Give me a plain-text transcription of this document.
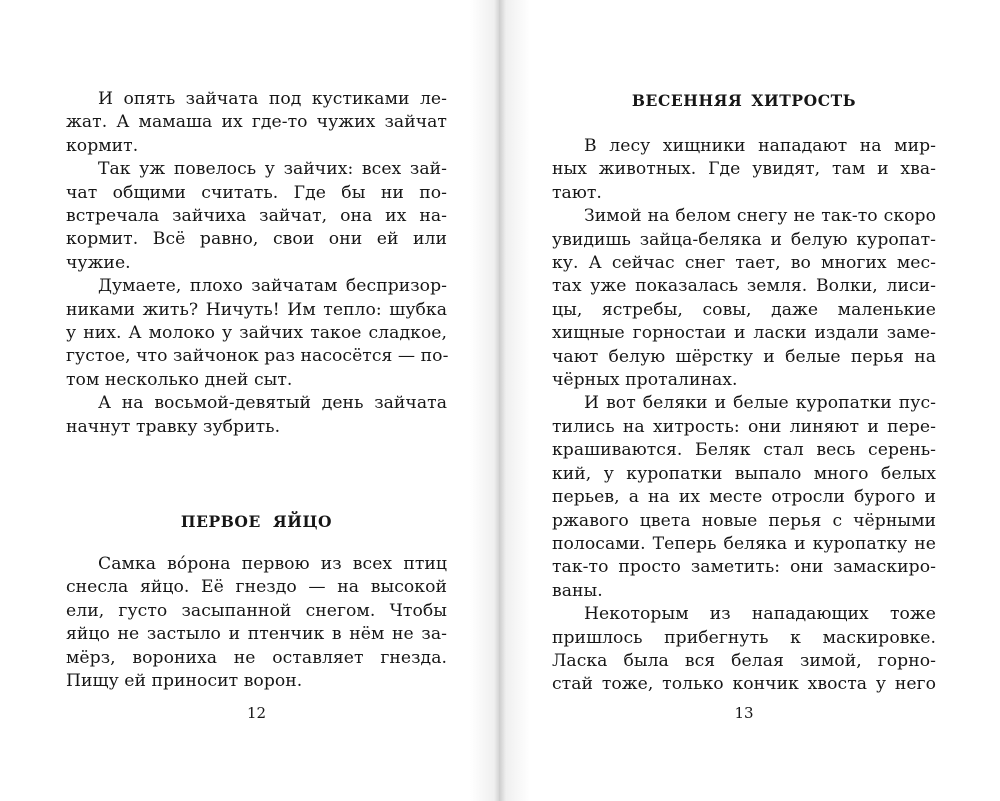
И опять зайчата под кустиками ле-
жат. А мамаша их где-то чужих зайчат
кормит.
Так уж повелось у зайчих: всех зай-
чат общими считать. Где бы ни по-
встречала зайчиха зайчат, она их на-
кормит. Всё равно, свои они ей или
чужие.
Думаете, плохо зайчатам беспризор-
никами жить? Ничуть! Им тепло: шубка
у них. А молоко у зайчих такое сладкое,
густое, что зайчонок раз насосётся — по-
том несколько дней сыт.
А на восьмой-девятый день зайчата
начнут травку зубрить.
ПЕРВОЕ ЯЙЦО
Самка во́рона первою из всех птиц
снесла яйцо. Её гнездо — на высокой
ели, густо засыпанной снегом. Чтобы
яйцо не застыло и птенчик в нём не за-
мёрз, ворониха не оставляет гнезда.
Пищу ей приносит ворон.
12
ВЕСЕННЯЯ ХИТРОСТЬ
В лесу хищники нападают на мир-
ных животных. Где увидят, там и хва-
тают.
Зимой на белом снегу не так-то скоро
увидишь зайца-беляка и белую куропат-
ку. А сейчас снег тает, во многих мес-
тах уже показалась земля. Волки, лиси-
цы, ястребы, совы, даже маленькие
хищные горностаи и ласки издали заме-
чают белую шёрстку и белые перья на
чёрных проталинах.
И вот беляки и белые куропатки пус-
тились на хитрость: они линяют и пере-
крашиваются. Беляк стал весь серень-
кий, у куропатки выпало много белых
перьев, а на их месте отросли бурого и
ржавого цвета новые перья с чёрными
полосами. Теперь беляка и куропатку не
так-то просто заметить: они замаскиро-
ваны.
Некоторым из нападающих тоже
пришлось прибегнуть к маскировке.
Ласка была вся белая зимой, горно-
стай тоже, только кончик хвоста у него
13
